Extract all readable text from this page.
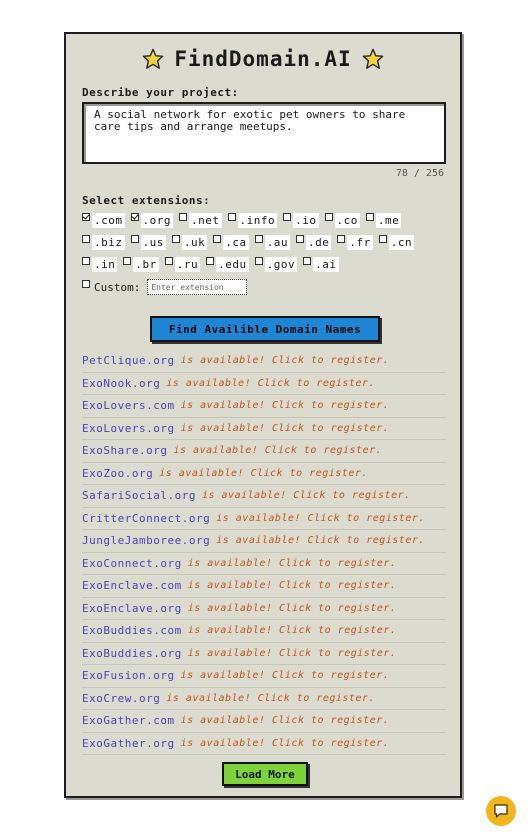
FindDomain.AI
Describe your project:
A social network for exotic pet owners to share care tips and arrange meetups.
78 / 256
Select extensions:
.com .org .net .info .io .co .me
.biz .us .uk .ca .au .de .fr .cn
.in .br .ru .edu .gov .ai
Custom:
Enter extension
Find Availible Domain Names
PetClique.org is available! Click to register.
ExoNook.org is available! Click to register.
ExoLovers.com is available! Click to register.
ExoLovers.org is available! Click to register.
ExoShare.org is available! Click to register.
ExoZoo.org is available! Click to register.
SafariSocial.org is available! Click to register.
CritterConnect.org is available! Click to register.
JungleJamboree.org is available! Click to register.
ExoConnect.org is available! Click to register.
ExoEnclave.com is available! Click to register.
ExoEnclave.org is available! Click to register.
ExoBuddies.com is available! Click to register.
ExoBuddies.org is available! Click to register.
ExoFusion.org is available! Click to register.
ExoCrew.org is available! Click to register.
ExoGather.com is available! Click to register.
ExoGather.org is available! Click to register.
Load More
